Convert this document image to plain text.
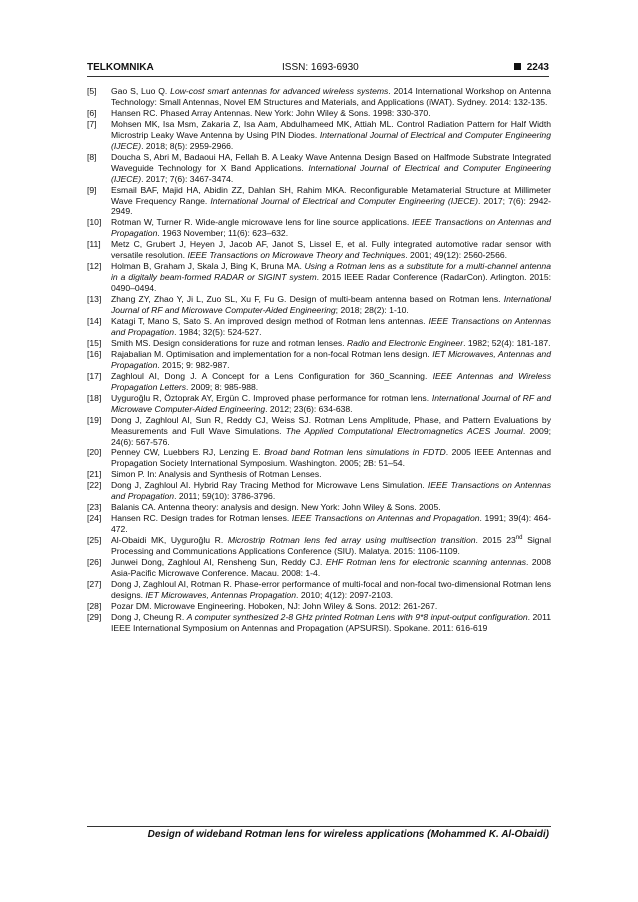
TELKOMNIKA	ISSN: 1693-6930	2243
[5] Gao S, Luo Q. Low-cost smart antennas for advanced wireless systems. 2014 International Workshop on Antenna Technology: Small Antennas, Novel EM Structures and Materials, and Applications (iWAT). Sydney. 2014: 132-135.
[6] Hansen RC. Phased Array Antennas. New York: John Wiley & Sons. 1998: 330-370.
[7] Mohsen MK, Isa Msm, Zakaria Z, Isa Aam, Abdulhameed MK, Attiah ML. Control Radiation Pattern for Half Width Microstrip Leaky Wave Antenna by Using PIN Diodes. International Journal of Electrical and Computer Engineering (IJECE). 2018; 8(5): 2959-2966.
[8] Doucha S, Abri M, Badaoui HA, Fellah B. A Leaky Wave Antenna Design Based on Halfmode Substrate Integrated Waveguide Technology for X Band Applications. International Journal of Electrical and Computer Engineering (IJECE). 2017; 7(6): 3467-3474.
[9] Esmail BAF, Majid HA, Abidin ZZ, Dahlan SH, Rahim MKA. Reconfigurable Metamaterial Structure at Millimeter Wave Frequency Range. International Journal of Electrical and Computer Engineering (IJECE). 2017; 7(6): 2942-2949.
[10] Rotman W, Turner R. Wide-angle microwave lens for line source applications. IEEE Transactions on Antennas and Propagation. 1963 November; 11(6): 623–632.
[11] Metz C, Grubert J, Heyen J, Jacob AF, Janot S, Lissel E, et al. Fully integrated automotive radar sensor with versatile resolution. IEEE Transactions on Microwave Theory and Techniques. 2001; 49(12): 2560-2566.
[12] Holman B, Graham J, Skala J, Bing K, Bruna MA. Using a Rotman lens as a substitute for a multi-channel antenna in a digitally beam-formed RADAR or SIGINT system. 2015 IEEE Radar Conference (RadarCon). Arlington. 2015: 0490–0494.
[13] Zhang ZY, Zhao Y, Ji L, Zuo SL, Xu F, Fu G. Design of multi-beam antenna based on Rotman lens. International Journal of RF and Microwave Computer-Aided Engineering; 2018; 28(2): 1-10.
[14] Katagi T, Mano S, Sato S. An improved design method of Rotman lens antennas. IEEE Transactions on Antennas and Propagation. 1984; 32(5): 524-527.
[15] Smith MS. Design considerations for ruze and rotman lenses. Radio and Electronic Engineer. 1982; 52(4): 181-187.
[16] Rajabalian M. Optimisation and implementation for a non-focal Rotman lens design. IET Microwaves, Antennas and Propagation. 2015; 9: 982-987.
[17] Zaghloul AI, Dong J. A Concept for a Lens Configuration for 360_Scanning. IEEE Antennas and Wireless Propagation Letters. 2009; 8: 985-988.
[18] Uyguroğlu R, Öztoprak AY, Ergün C. Improved phase performance for rotman lens. International Journal of RF and Microwave Computer-Aided Engineering. 2012; 23(6): 634-638.
[19] Dong J, Zaghloul AI, Sun R, Reddy CJ, Weiss SJ. Rotman Lens Amplitude, Phase, and Pattern Evaluations by Measurements and Full Wave Simulations. The Applied Computational Electromagnetics ACES Journal. 2009; 24(6): 567-576.
[20] Penney CW, Luebbers RJ, Lenzing E. Broad band Rotman lens simulations in FDTD. 2005 IEEE Antennas and Propagation Society International Symposium. Washington. 2005; 2B: 51–54.
[21] Simon P. In: Analysis and Synthesis of Rotman Lenses.
[22] Dong J, Zaghloul AI. Hybrid Ray Tracing Method for Microwave Lens Simulation. IEEE Transactions on Antennas and Propagation. 2011; 59(10): 3786-3796.
[23] Balanis CA. Antenna theory: analysis and design. New York: John Wiley & Sons. 2005.
[24] Hansen RC. Design trades for Rotman lenses. IEEE Transactions on Antennas and Propagation. 1991; 39(4): 464-472.
[25] Al-Obaidi MK, Uyguroğlu R. Microstrip Rotman lens fed array using multisection transition. 2015 23nd Signal Processing and Communications Applications Conference (SIU). Malatya. 2015: 1106-1109.
[26] Junwei Dong, Zaghloul AI, Rensheng Sun, Reddy CJ. EHF Rotman lens for electronic scanning antennas. 2008 Asia-Pacific Microwave Conference. Macau. 2008: 1-4.
[27] Dong J, Zaghloul AI, Rotman R. Phase-error performance of multi-focal and non-focal two-dimensional Rotman lens designs. IET Microwaves, Antennas Propagation. 2010; 4(12): 2097-2103.
[28] Pozar DM. Microwave Engineering. Hoboken, NJ: John Wiley & Sons. 2012: 261-267.
[29] Dong J, Cheung R. A computer synthesized 2-8 GHz printed Rotman Lens with 9*8 input-output configuration. 2011 IEEE International Symposium on Antennas and Propagation (APSURSI). Spokane. 2011: 616-619
Design of wideband Rotman lens for wireless applications (Mohammed K. Al-Obaidi)
